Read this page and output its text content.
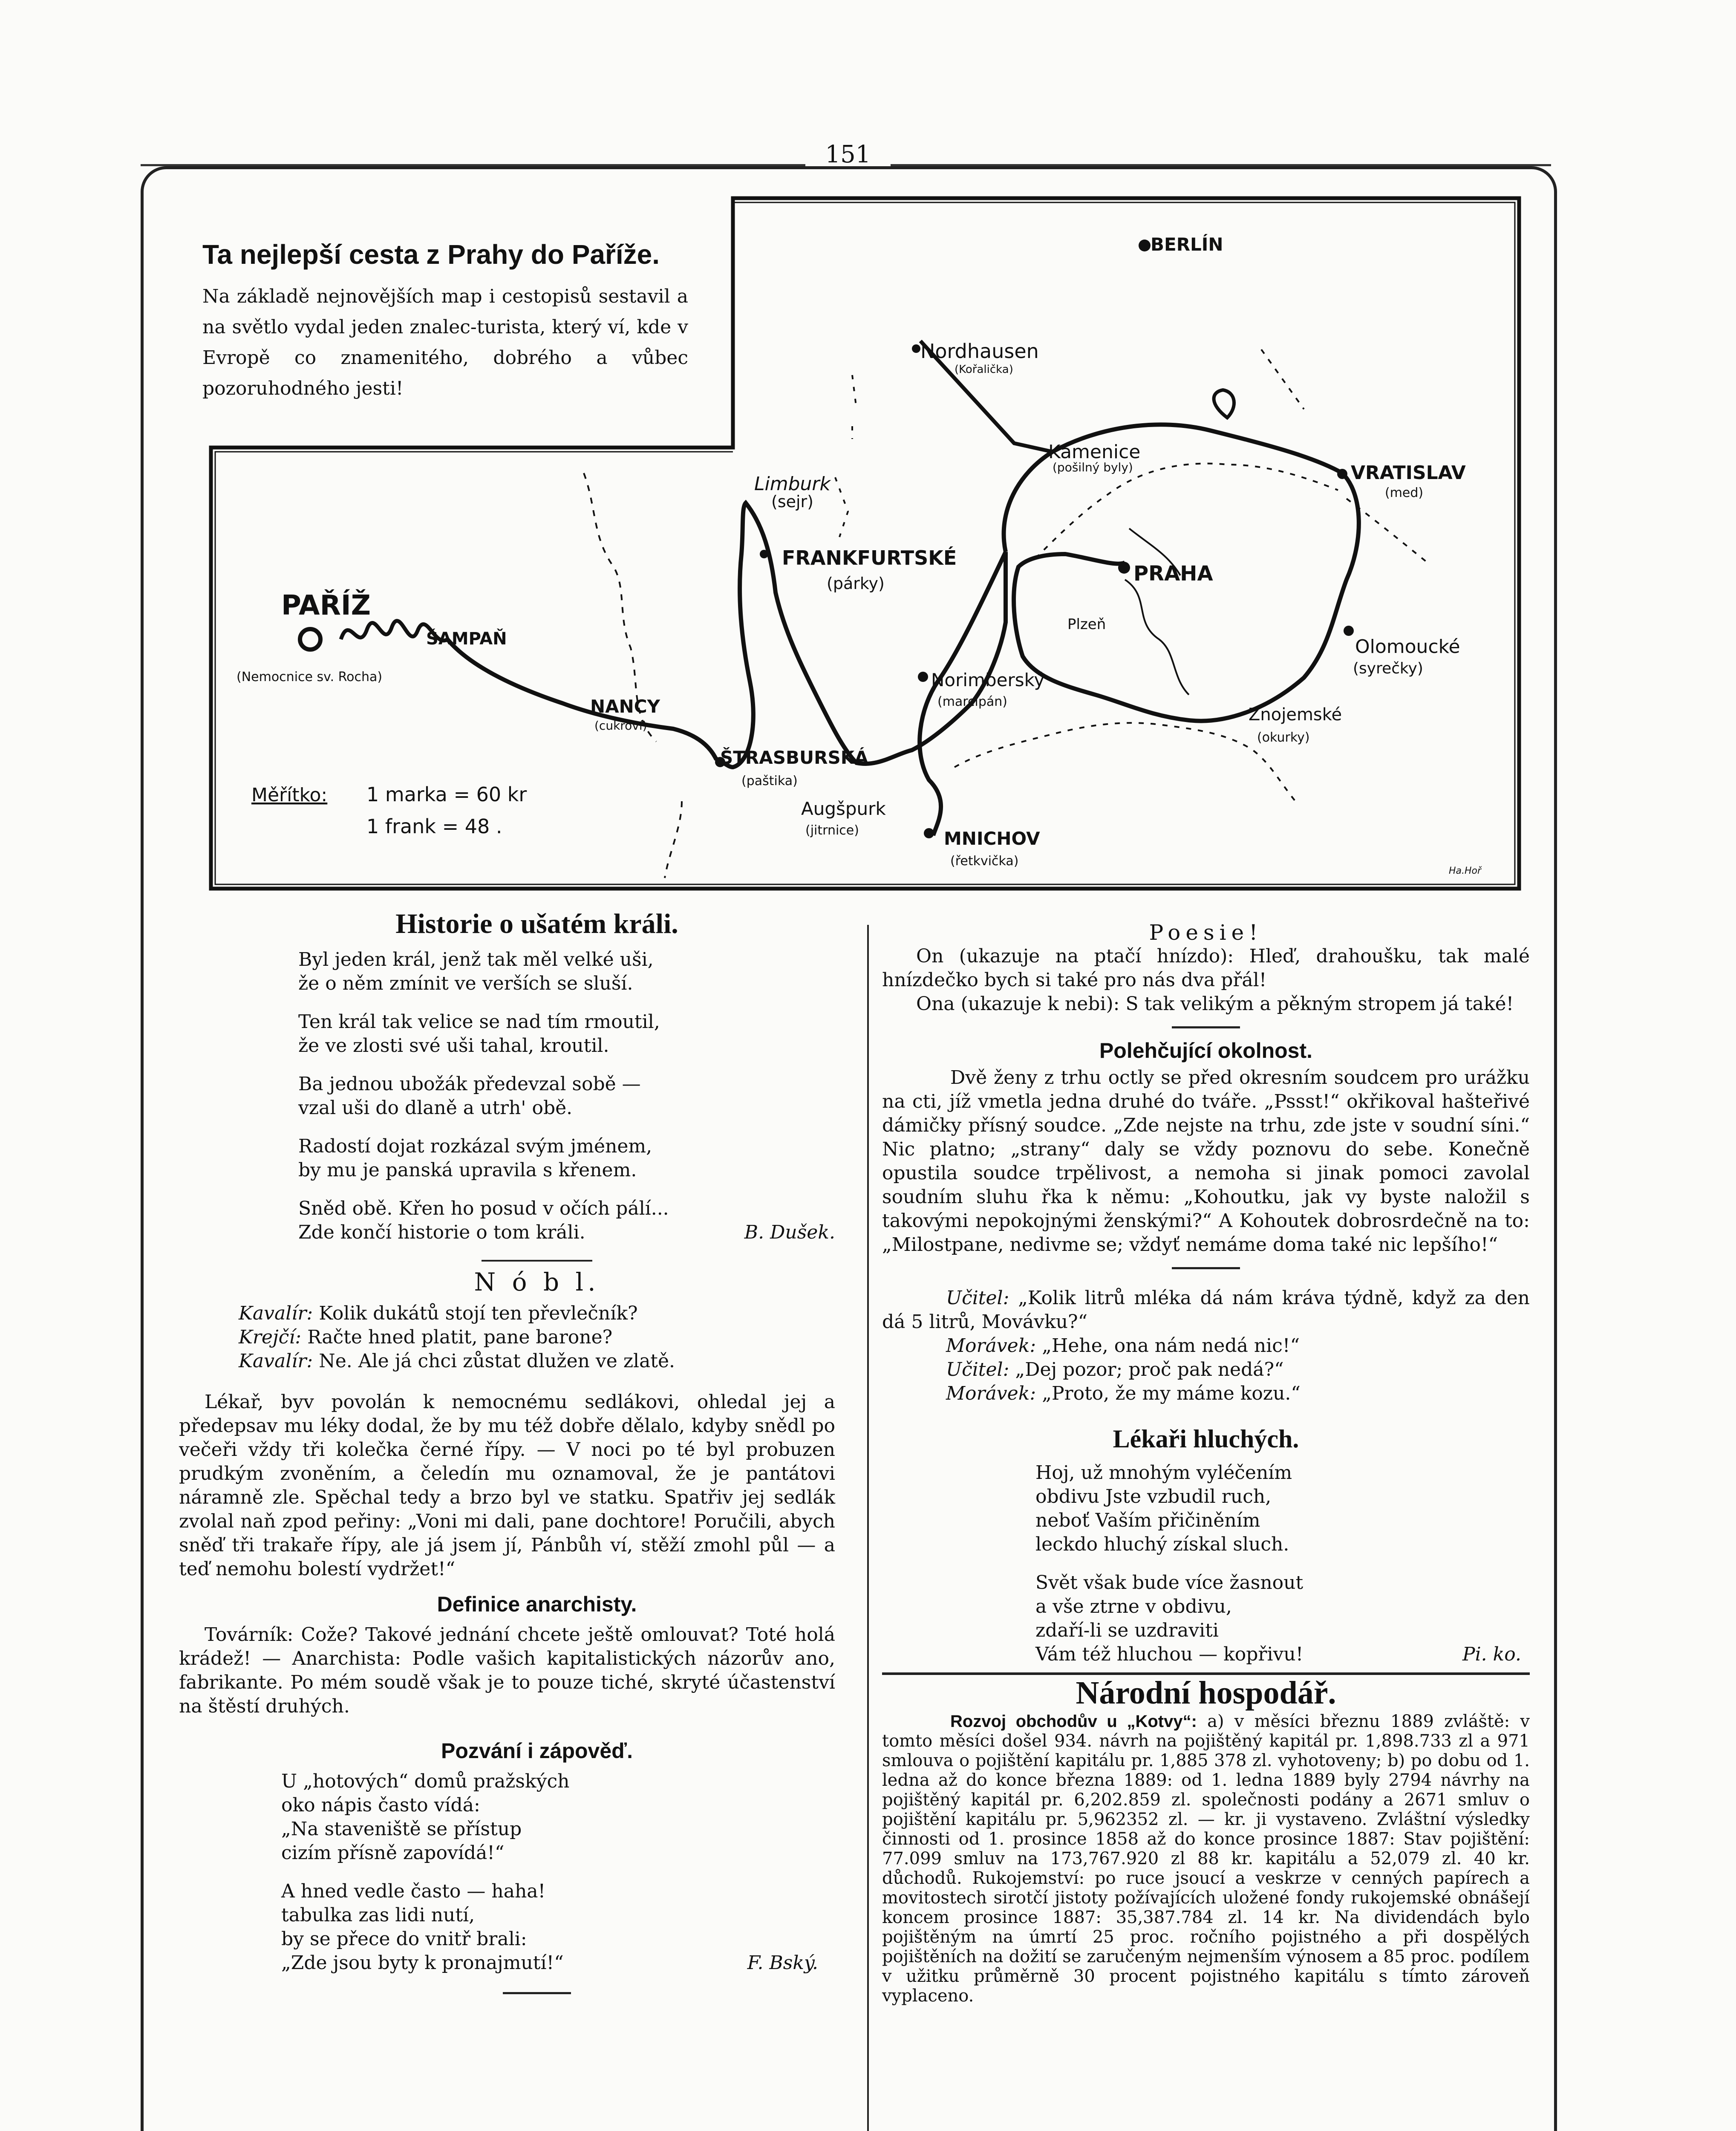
151
BERLÍN
Nordhausen
(Kořalička)
Kamenice
(pošilný byly)	VRATISLAV
(med)
Limburk
(sejr)
FRANKFURTSKÉ
(párky)	PRAHA
Plzeň
Olomoucké
(syrečky)
PAŘÍŽ
ŠAMPAŇ
(Nemocnice sv. Rocha)	Norimberský
(marcipán)
Znojemské
(okurky)
NANCY
(cukroví)
ŠTRASBURSKÁ
(paštika)
Augšpurk
(jitrnice)	MNICHOV
(řetkvička)
Ha.Hoř
Měřítko: 1 marka = 60 kr
1 frank = 48 .
Ta nejlepší cesta z Prahy do Paříže.

Na základě nejnovějších map i cestopisů sestavil a na světlo vydal jeden znalec-turista, který ví, kde v Evropě co znamenitého, dobrého a vůbec pozoruhodného jesti!

Historie o ušatém králi.
Byl jeden král, jenž tak měl velké uši,
že o něm zmínit ve verších se sluší.
Ten král tak velice se nad tím rmoutil,
že ve zlosti své uši tahal, kroutil.
Ba jednou ubožák předevzal sobě —
vzal uši do dlaně a utrh' obě.
Radostí dojat rozkázal svým jménem,
by mu je panská upravila s křenem.
Sněd obě. Křen ho posud v očích pálí...
Zde končí historie o tom králi.	B. Dušek.
N ó b l.
Kavalír: Kolik dukátů stojí ten převlečník?
Krejčí: Račte hned platit, pane barone?
Kavalír: Ne. Ale já chci zůstat dlužen ve zlatě.
Lékař, byv povolán k nemocnému sedlákovi, ohledal jej a předepsav mu léky dodal, že by mu též dobře dělalo, kdyby snědl po večeři vždy tři kolečka černé řípy. — V noci po té byl probuzen prudkým zvoněním, a čeledín mu oznamoval, že je pantátovi náramně zle. Spěchal tedy a brzo byl ve statku. Spatřiv jej sedlák zvolal naň zpod peřiny: „Voni mi dali, pane dochtore! Poručili, abych sněď tři trakaře řípy, ale já jsem jí, Pánbůh ví, stěží zmohl půl — a teď nemohu bolestí vydržet!“
Definice anarchisty.
Továrník: Cože? Takové jednání chcete ještě omlouvat? Toté holá krádež! — Anarchista: Podle vašich kapitalistických názorův ano, fabrikante. Po mém soudě však je to pouze tiché, skryté účastenství na štěstí druhých.
Pozvání i zápověď.
U „hotových“ domů pražských
oko nápis často vídá:
„Na staveniště se přístup
cizím přísně zapovídá!“
A hned vedle často — haha!
tabulka zas lidi nutí,
by se přece do vnitř brali:
„Zde jsou byty k pronajmutí!“	F. Bský.
Poesie!
On (ukazuje na ptačí hnízdo): Hleď, drahoušku, tak malé hnízdečko bych si také pro nás dva přál!
Ona (ukazuje k nebi): S tak velikým a pěkným stropem já také!
Polehčující okolnost.
Dvě ženy z trhu octly se před okresním soudcem pro urážku na cti, jíž vmetla jedna druhé do tváře. „Pssst!“ okřikoval hašteřivé dámičky přísný soudce. „Zde nejste na trhu, zde jste v soudní síni.“ Nic platno; „strany“ daly se vždy poznovu do sebe. Konečně opustila soudce trpělivost, a nemoha si jinak pomoci zavolal soudním sluhu řka k němu: „Kohoutku, jak vy byste naložil s takovými nepokojnými ženskými?“ A Kohoutek dobrosrdečně na to: „Milostpane, nedivme se; vždyť nemáme doma také nic lepšího!“
Učitel: „Kolik litrů mléka dá nám kráva týdně, když za den dá 5 litrů, Movávku?“
Morávek: „Hehe, ona nám nedá nic!“
Učitel: „Dej pozor; proč pak nedá?“
Morávek: „Proto, že my máme kozu.“
Lékaři hluchých.
Hoj, už mnohým vyléčením
obdivu Jste vzbudil ruch,
neboť Vaším přičiněním
leckdo hluchý získal sluch.
Svět však bude více žasnout
a vše ztrne v obdivu,
zdaří-li se uzdraviti
Vám též hluchou — kopřivu!	Pi. ko.
Národní hospodář.
Rozvoj obchodův u „Kotvy“: a) v měsíci březnu 1889 zvláště: v tomto měsíci došel 934. návrh na pojištěný kapitál pr. 1,898.733 zl a 971 smlouva o pojištění kapitálu pr. 1,885 378 zl. vyhotoveny; b) po dobu od 1. ledna až do konce března 1889: od 1. ledna 1889 byly 2794 návrhy na pojištěný kapitál pr. 6,202.859 zl. společnosti podány a 2671 smluv o pojištění kapitálu pr. 5,962352 zl. — kr. ji vystaveno. Zvláštní výsledky činnosti od 1. prosince 1858 až do konce prosince 1887: Stav pojištění: 77.099 smluv na 173,767.920 zl 88 kr. kapitálu a 52,079 zl. 40 kr. důchodů. Rukojemství: po ruce jsoucí a veskrze v cenných papírech a movitostech sirotčí jistoty požívajících uložené fondy rukojemské obnášejí koncem prosince 1887: 35,387.784 zl. 14 kr. Na dividendách bylo pojištěným na úmrtí 25 proc. ročního pojistného a při dospělých pojištěních na dožití se zaručeným nejmenším výnosem a 85 proc. podílem v užitku průměrně 30 procent pojistného kapitálu s tímto zároveň vyplaceno.
